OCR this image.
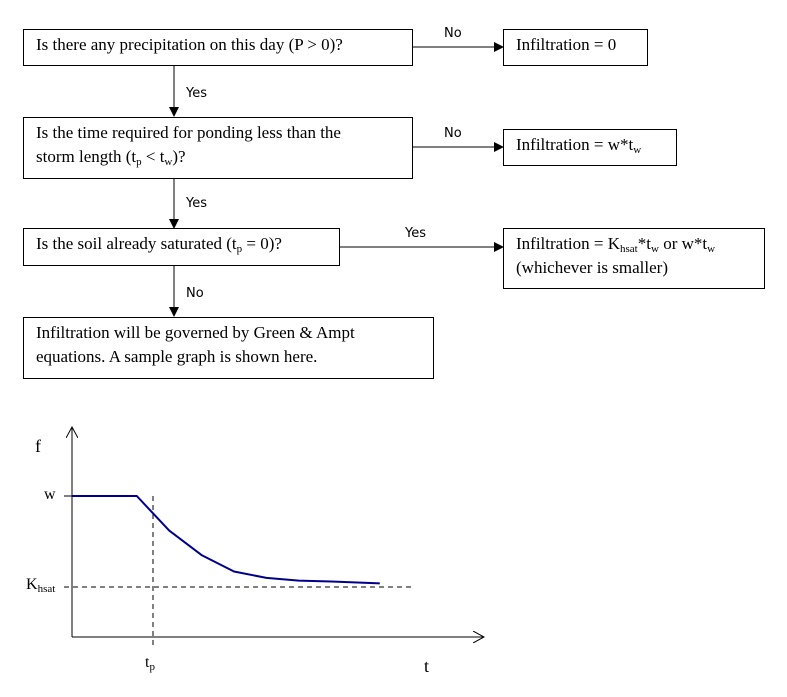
Is there any precipitation on this day (P > 0)?
Is the time required for ponding less than the
storm length $(t_p < t_w)$?
Is the soil already saturated $(t_p = 0)$?
Infiltration will be governed by Green & Ampt
equations. A sample graph is shown here.
Infiltration = 0
Infiltration = $w*t_w$
Infiltration = $K_{hsat}*t_w$ or $w*t_w$
(whichever is smaller)
No
Yes
No
Yes
Yes
No
f
w
$K_{hsat}$
$t_p$	t
